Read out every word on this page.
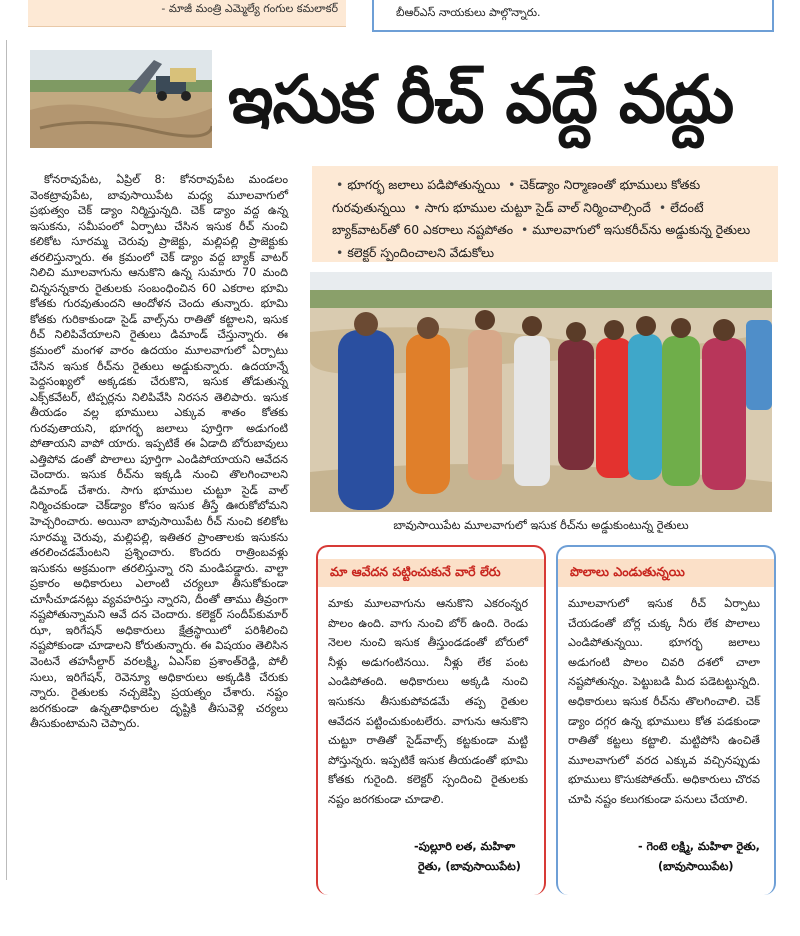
- మాజీ మంత్రి ఎమ్మెల్యే గంగుల కమలాకర్	బీఆర్ఎస్ నాయకులు పాల్గొన్నారు.
ఇసుక రీచ్ వద్దే వద్దు

కోనరావుపేట, ఏప్రిల్ 8: కోనరావుపేట మండలం వెంకట్రావుపేట, బావుసాయిపేట మధ్య మూలవాగులో ప్రభుత్వం చెక్ డ్యాం నిర్మిస్తున్నది. చెక్ డ్యాం వద్ద ఉన్న ఇసుకను, సమీపంలో ఏర్పాటు చేసిన ఇసుక రీచ్ నుంచి కలికోట సూరమ్మ చెరువు ప్రాజెక్టు, మల్లిపల్లి ప్రాజెక్టుకు తరలిస్తున్నారు. ఈ క్రమంలో చెక్ డ్యాం వద్ద బ్యాక్ వాటర్ నిలిచి మూలవాగును ఆనుకొని ఉన్న సుమారు 70 మంది చిన్నసన్నకారు రైతులకు సంబంధించిన 60 ఎకరాల భూమి కోతకు గురవుతుందని ఆందోళన చెందు తున్నారు. భూమి కోతకు గురికాకుండా సైడ్ వాల్స్‌ను రాతితో కట్టాలని, ఇసుక రీచ్ నిలిపివేయాలని రైతులు డిమాండ్ చేస్తున్నారు. ఈ క్రమంలో మంగళ వారం ఉదయం మూలవాగులో ఏర్పాటు చేసిన ఇసుక రీచ్‌ను రైతులు అడ్డుకున్నారు. ఉదయాన్నే పెద్దసంఖ్యలో అక్కడకు చేరుకొని, ఇసుక తోడుతున్న ఎక్స్‌కవేటర్, టిప్పర్లను నిలిపివేసి నిరసన తెలిపారు. ఇసుక తీయడం వల్ల భూములు ఎక్కువ శాతం కోతకు గురవుతాయని, భూగర్భ జలాలు పూర్తిగా అడుగంటి పోతాయని వాపో యారు. ఇప్పటికే ఈ ఏడాది బోరుబావులు ఎత్తిపోవ డంతో పొలాలు పూర్తిగా ఎండిపోయాయని ఆవేదన చెందారు. ఇసుక రీచ్‌ను ఇక్కడి నుంచి తొలగించాలని డిమాండ్ చేశారు. సాగు భూముల చుట్టూ సైడ్ వాల్ నిర్మించకుండా చెక్‌డ్యాం కోసం ఇసుక తీస్తే ఊరుకోబోమని హెచ్చరించారు. అయినా బావుసాయిపేట రీచ్ నుంచి కలికోట సూరమ్మ చెరువు, మల్లిపల్లి, ఇతితర ప్రాంతాలకు ఇసుకను తరలించడమేంటని ప్రశ్నించారు. కొందరు రాత్రింబవళ్లు ఇసుకను అక్రమంగా తరలిస్తున్నా రని మండిపడ్డారు. వాల్టా ప్రకారం అధికారులు ఎలాంటి చర్యలూ తీసుకోకుండా చూసీచూడనట్లు వ్యవహరిస్తు న్నారని, దీంతో తాము తీవ్రంగా నష్టపోతున్నామని ఆవే దన చెందారు. కలెక్టర్ సందీప్‌కుమార్ ఝా, ఇరిగేషన్ అధికారులు క్షేత్రస్థాయిలో పరిశీలించి నష్టపోకుండా చూడాలని కోరుతున్నారు. ఈ విషయం తెలిసిన వెంటనే తహసీల్దార్ వరలక్ష్మి, ఏఎస్ఐ ప్రశాంత్‌రెడ్డి, పోలీ సులు, ఇరిగేషన్, రెవెన్యూ అధికారులు అక్కడికి చేరుకు న్నారు. రైతులకు నచ్చజెప్పి ప్రయత్నం చేశారు. నష్టం జరగకుండా ఉన్నతాధికారుల దృష్టికి తీసువెళ్లి చర్యలు తీసుకుంటామని చెప్పారు.

• భూగర్భ జలాలు పడిపోతున్నయి • చెక్‌డ్యాం నిర్మాణంతో భూములు కోతకు గురవుతున్నయి • సాగు భూముల చుట్టూ సైడ్ వాల్ నిర్మించాల్సిందే • లేదంటే బ్యాక్‌వాటర్‌తో 60 ఎకరాలు నష్టపోతం • మూలవాగులో ఇసుకరీచ్‌ను అడ్డుకున్న రైతులు • కలెక్టర్ స్పందించాలని వేడుకోలు
బావుసాయిపేట మూలవాగులో ఇసుక రీచ్‌ను అడ్డుకుంటున్న రైతులు
మా ఆవేదన పట్టించుకునే వారే లేరు
మాకు మూలవాగును ఆనుకొని ఎకరంన్నర పొలం ఉంది. వాగు నుంచి బోర్ ఉంది. రెండు నెలల నుంచి ఇసుక తీస్తుండడంతో బోరులో నీళ్లు అడుగంటినయి. నీళ్లు లేక పంట ఎండిపోతంది. అధికారులు అక్కడి నుంచి ఇసుకను తీసుకుపోవడమే తప్ప రైతుల ఆవేదన పట్టించుకుంటలేరు. వాగును ఆనుకొని చుట్టూ రాతితో సైడ్‌వాల్స్ కట్టకుండా మట్టి పోస్తున్నరు. ఇప్పటికే ఇసుక తీయడంతో భూమి కోతకు గురైంది. కలెక్టర్ స్పందించి రైతులకు నష్టం జరగకుండా చూడాలి.
-పుల్లూరి లత, మహిళా
రైతు, (బావుసాయిపేట)
పొలాలు ఎండుతున్నయి
మూలవాగులో ఇసుక రీచ్ ఏర్పాటు చేయడంతో బోర్ల చుక్క నీరు లేక పొలాలు ఎండిపోతున్నయి. భూగర్భ జలాలు అడుగంటి పొలం చివరి దశలో చాలా నష్టపోతున్నం. పెట్టుబడి మీద పడెటట్టున్నది. అధికారులు ఇసుక రీచ్‌ను తొలగించాలి. చెక్ డ్యాం దగ్గర ఉన్న భూములు కోత పడకుండా రాతితో కట్టలు కట్టాలి. మట్టిపోసి ఉంచితే మూలవాగులో వరద ఎక్కువ వచ్చినప్పుడు భూములు కొసుకపోతయ్. అధికారులు చొరవ చూపి నష్టం కలుగకుండా పనులు చేయాలి.
- గెంటె లక్ష్మి, మహిళా రైతు,
(బావుసాయిపేట)
